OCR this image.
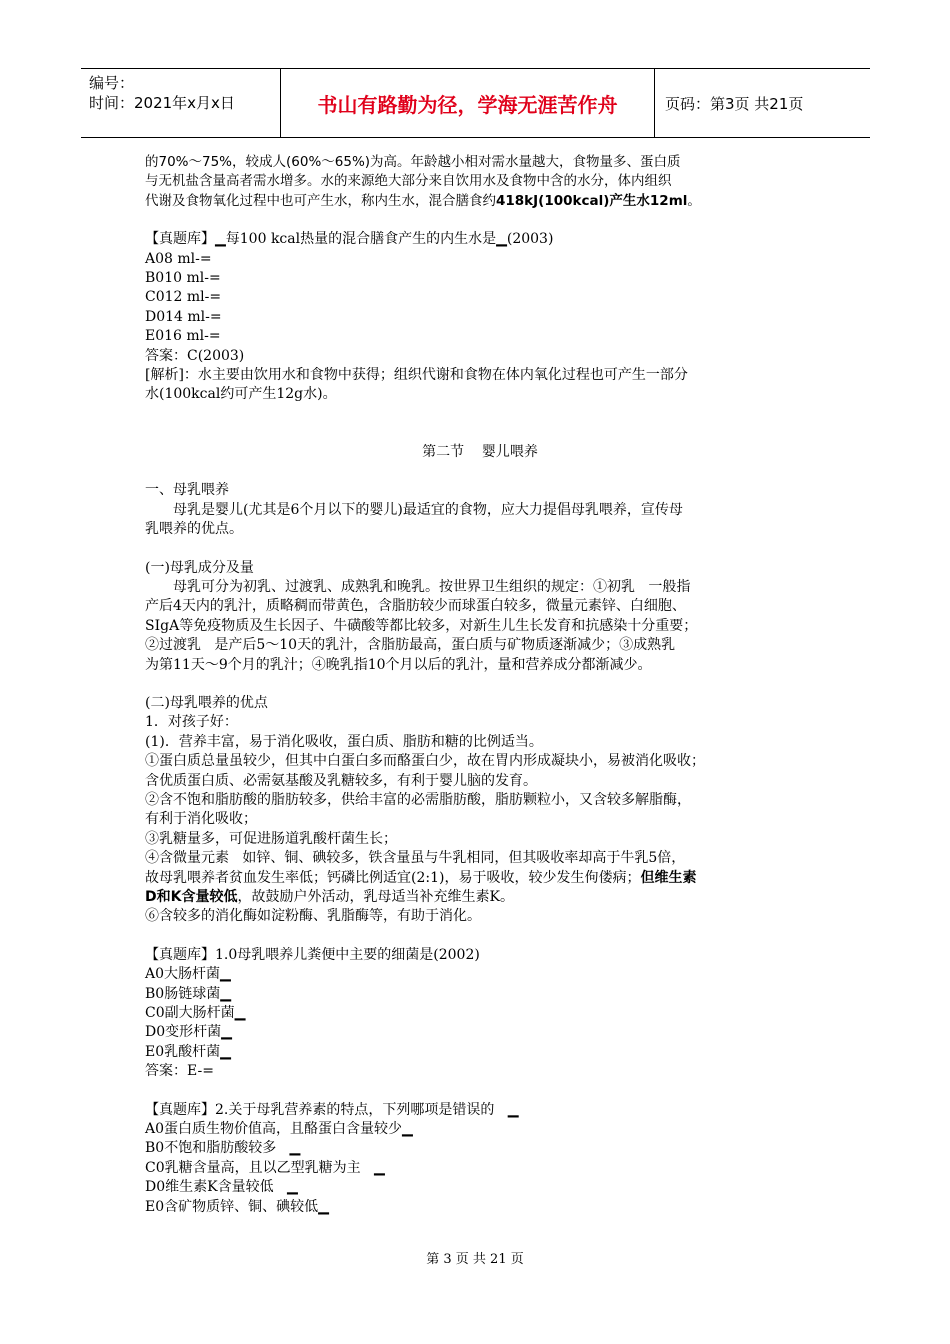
编号：
时间：2021年x月x日	书山有路勤为径，学海无涯苦作舟	页码：第3页 共21页

的70%～75%，较成人(60%～65%)为高。年龄越小相对需水量越大，食物量多、蛋白质

与无机盐含量高者需水增多。水的来源绝大部分来自饮用水及食物中含的水分，体内组织

代谢及食物氧化过程中也可产生水，称内生水，混合膳食约418kJ(100kcal)产生水12ml。

【真题库】▁每100 kcal热量的混合膳食产生的内生水是▁(2003)

A08 ml-=

B010 ml-=

C012 ml-=

D014 ml-=

E016 ml-=

答案：C(2003)

[解析]：水主要由饮用水和食物中获得；组织代谢和食物在体内氧化过程也可产生一部分

水(100kcal约可产生12g水)。

第二节    婴儿喂养

一、母乳喂养

母乳是婴儿(尤其是6个月以下的婴儿)最适宜的食物，应大力提倡母乳喂养，宣传母

乳喂养的优点。

(一)母乳成分及量

母乳可分为初乳、过渡乳、成熟乳和晚乳。按世界卫生组织的规定：①初乳   一般指

产后4天内的乳汁，质略稠而带黄色，含脂肪较少而球蛋白较多，微量元素锌、白细胞、

SIgA等免疫物质及生长因子、牛磺酸等都比较多，对新生儿生长发育和抗感染十分重要；

②过渡乳   是产后5～10天的乳汁，含脂肪最高，蛋白质与矿物质逐渐减少；③成熟乳

为第11天～9个月的乳汁；④晚乳指10个月以后的乳汁，量和营养成分都渐减少。

(二)母乳喂养的优点

1．对孩子好：

(1)．营养丰富，易于消化吸收，蛋白质、脂肪和糖的比例适当。

①蛋白质总量虽较少，但其中白蛋白多而酪蛋白少，故在胃内形成凝块小，易被消化吸收；

含优质蛋白质、必需氨基酸及乳糖较多，有利于婴儿脑的发育。

②含不饱和脂肪酸的脂肪较多，供给丰富的必需脂肪酸，脂肪颗粒小，又含较多解脂酶，

有利于消化吸收；

③乳糖量多，可促进肠道乳酸杆菌生长；

④含微量元素   如锌、铜、碘较多，铁含量虽与牛乳相同，但其吸收率却高于牛乳5倍，

故母乳喂养者贫血发生率低；钙磷比例适宜(2:1)，易于吸收，较少发生佝偻病；但维生素

D和K含量较低，故鼓励户外活动，乳母适当补充维生素K。

⑥含较多的消化酶如淀粉酶、乳脂酶等，有助于消化。

【真题库】1.0母乳喂养儿粪便中主要的细菌是(2002)

A0大肠杆菌▁

B0肠链球菌▁

C0副大肠杆菌▁

D0变形杆菌▁

E0乳酸杆菌▁

答案：E-=

【真题库】2.关于母乳营养素的特点，下列哪项是错误的   ▁

A0蛋白质生物价值高，且酪蛋白含量较少▁

B0不饱和脂肪酸较多   ▁

C0乳糖含量高，且以乙型乳糖为主   ▁

D0维生素K含量较低   ▁

E0含矿物质锌、铜、碘较低▁

第 3 页 共 21 页
